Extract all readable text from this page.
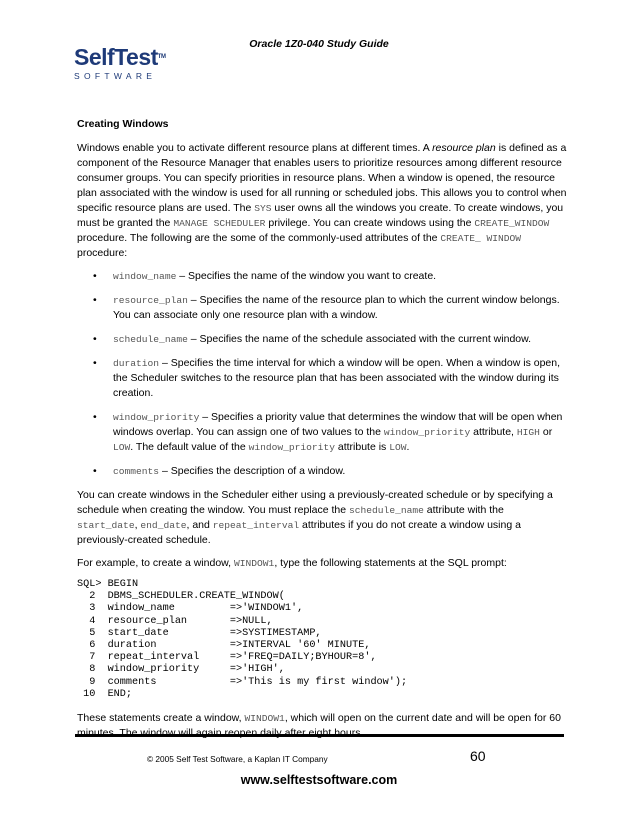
Oracle 1Z0-040 Study Guide
SelfTest™
SOFTWARE
Creating Windows

Windows enable you to activate different resource plans at different times. A resource plan is defined as a component of the Resource Manager that enables users to prioritize resources among different resource consumer groups. You can specify priorities in resource plans. When a window is opened, the resource plan associated with the window is used for all running or scheduled jobs. This allows you to control when specific resource plans are used. The SYS user owns all the windows you create. To create windows, you must be granted the MANAGE SCHEDULER privilege. You can create windows using the CREATE_WINDOW procedure. The following are the some of the commonly-used attributes of the CREATE_ WINDOW procedure:

• window_name – Specifies the name of the window you want to create.
• resource_plan – Specifies the name of the resource plan to which the current window belongs. You can associate only one resource plan with a window.
• schedule_name – Specifies the name of the schedule associated with the current window.
• duration – Specifies the time interval for which a window will be open. When a window is open, the Scheduler switches to the resource plan that has been associated with the window during its creation.
• window_priority – Specifies a priority value that determines the window that will be open when windows overlap. You can assign one of two values to the window_priority attribute, HIGH or LOW. The default value of the window_priority attribute is LOW.
• comments – Specifies the description of a window.

You can create windows in the Scheduler either using a previously-created schedule or by specifying a schedule when creating the window. You must replace the schedule_name attribute with the start_date, end_date, and repeat_interval attributes if you do not create a window using a previously-created schedule.

For example, to create a window, WINDOW1, type the following statements at the SQL prompt:

SQL> BEGIN
2  DBMS_SCHEDULER.CREATE_WINDOW(
3  window_name         =>'WINDOW1',
4  resource_plan       =>NULL,
5  start_date          =>SYSTIMESTAMP,
6  duration            =>INTERVAL '60' MINUTE,
7  repeat_interval     =>'FREQ=DAILY;BYHOUR=8',
8  window_priority     =>'HIGH',
9  comments            =>'This is my first window');
10  END;

These statements create a window, WINDOW1, which will open on the current date and will be open for 60

© 2005 Self Test Software, a Kaplan IT Company	60
www.selftestsoftware.com
